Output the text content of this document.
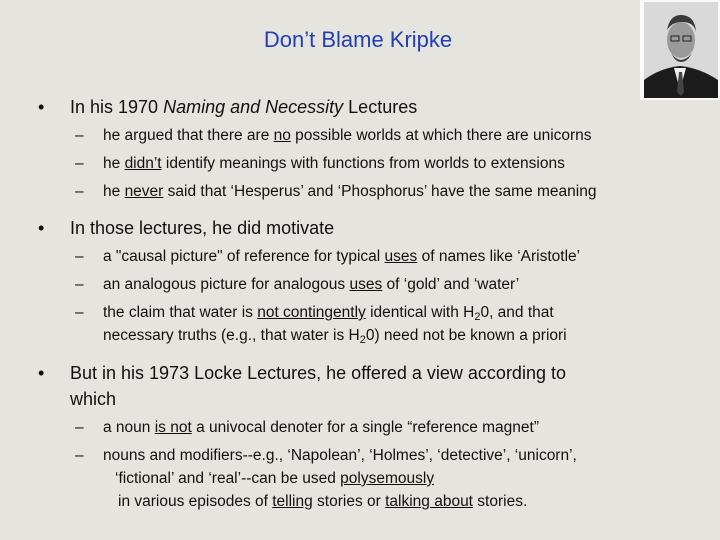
Don’t Blame Kripke
• In his 1970 Naming and Necessity Lectures
– he argued that there are no possible worlds at which there are unicorns
– he didn’t identify meanings with functions from worlds to extensions
– he never said that ‘Hesperus’ and ‘Phosphorus’ have the same meaning
• In those lectures, he did motivate
– a "causal picture" of reference for typical uses of names like ‘Aristotle’
– an analogous picture for analogous uses of ‘gold’ and ‘water’
– the claim that water is not contingently identical with $H_20$, and that
necessary truths (e.g., that water is $H_20$) need not be known a priori
• But in his 1973 Locke Lectures, he offered a view according to
which
– a noun is not a univocal denoter for a single “reference magnet”
– nouns and modifiers--e.g., ‘Napolean’, ‘Holmes’, ‘detective’, ‘unicorn’,
‘fictional’ and ‘real’--can be used polysemously
in various episodes of telling stories or talking about stories.
